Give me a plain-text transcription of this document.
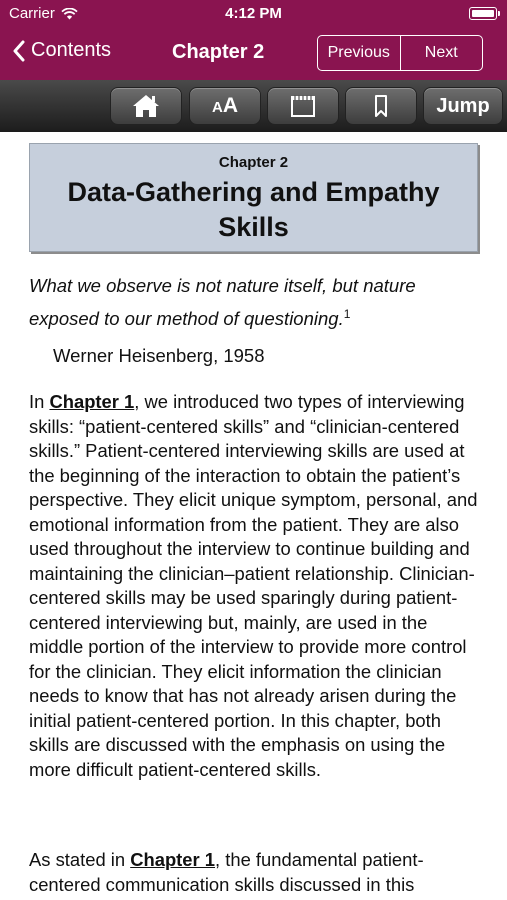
Carrier	4:12 PM
Contents	Chapter 2	Previous	Next
AA	Jump
Chapter 2
Data-Gathering and Empathy
Skills
What we observe is not nature itself, but nature exposed to our method of questioning.$^1$
Werner Heisenberg, 1958
In Chapter 1, we introduced two types of interviewing skills: “patient-centered skills” and “clinician-centered skills.” Patient-centered interviewing skills are used at the beginning of the interaction to obtain the patient’s perspective. They elicit unique symptom, personal, and emotional information from the patient. They are also used throughout the interview to continue building and maintaining the clinician–patient relationship. Clinician-centered skills may be used sparingly during patient-centered interviewing but, mainly, are used in the middle portion of the interview to provide more control for the clinician. They elicit information the clinician needs to know that has not already arisen during the initial patient-centered portion. In this chapter, both skills are discussed with the emphasis on using the more difficult patient-centered skills.
As stated in Chapter 1, the fundamental patient-centered communication skills discussed in this
